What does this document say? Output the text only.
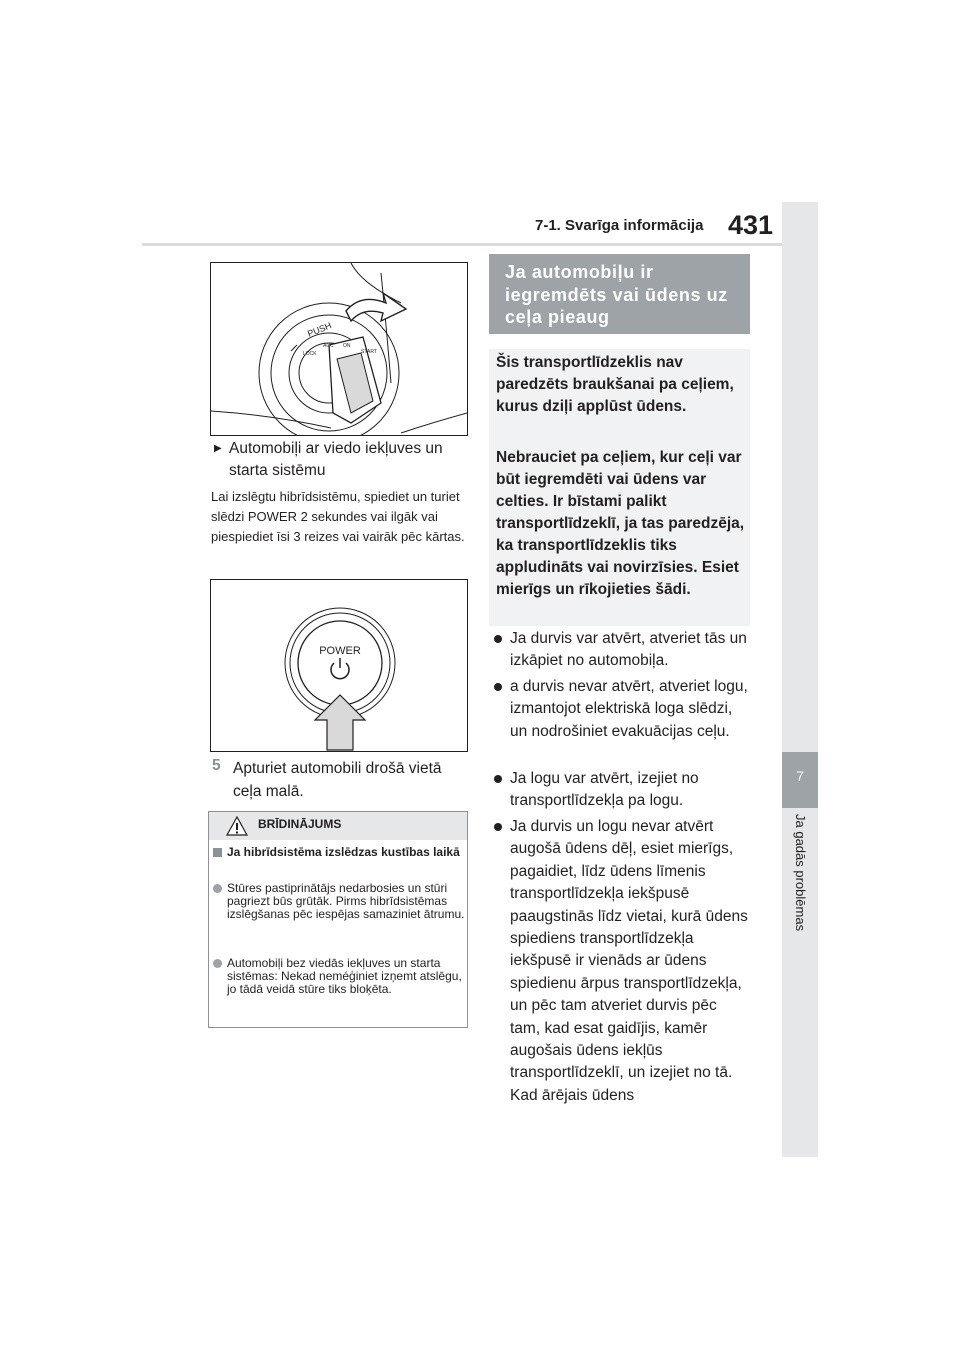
7-1. Svarīga informācija 431
7
Ja gadās problēmas
PUSH
LOCK
ACC ON
START
▶ Automobiļi ar viedo iekļuves un starta sistēmu
Lai izslēgtu hibrīdsistēmu, spiediet un turiet slēdzi POWER 2 sekundes vai ilgāk vai piespiediet īsi 3 reizes vai vairāk pēc kārtas.
POWER
5 Apturiet automobili drošā vietā ceļa malā.
BRĪDINĀJUMS
Ja hibrīdsistēma izslēdzas kustības laikā
Stūres pastiprinātājs nedarbosies un stūri pagriezt būs grūtāk. Pirms hibrīdsistēmas izslēgšanas pēc iespējas samaziniet ātrumu.
Automobiļi bez viedās iekļuves un starta sistēmas: Nekad neméģiniet izņemt atslēgu, jo tādā veidā stūre tiks bloķēta.
Ja automobiļu ir iegremdēts vai ūdens uz ceļa pieaug
Šis transportlīdzeklis nav paredzēts braukšanai pa ceļiem, kurus dziļi applūst ūdens.
Nebrauciet pa ceļiem, kur ceļi var būt iegremdēti vai ūdens var celties. Ir bīstami palikt transportlīdzeklī, ja tas paredzēja, ka transportlīdzeklis tiks appludināts vai novirzīsies. Esiet mierīgs un rīkojieties šādi.
Ja durvis var atvērt, atveriet tās un izkāpiet no automobiļa.
a durvis nevar atvērt, atveriet logu, izmantojot elektriskā loga slēdzi, un nodrošiniet evakuācijas ceļu.
Ja logu var atvērt, izejiet no transportlīdzekļa pa logu.
Ja durvis un logu nevar atvērt augošā ūdens dēļ, esiet mierīgs, pagaidiet, līdz ūdens līmenis transportlīdzekļa iekšpusē paaugstinās līdz vietai, kurā ūdens spiediens transportlīdzekļa iekšpusē ir vienāds ar ūdens spiedienu ārpus transportlīdzekļa, un pēc tam atveriet durvis pēc tam, kad esat gaidījis, kamēr augošais ūdens iekļūs transportlīdzeklī, un izejiet no tā. Kad ārējais ūdens
